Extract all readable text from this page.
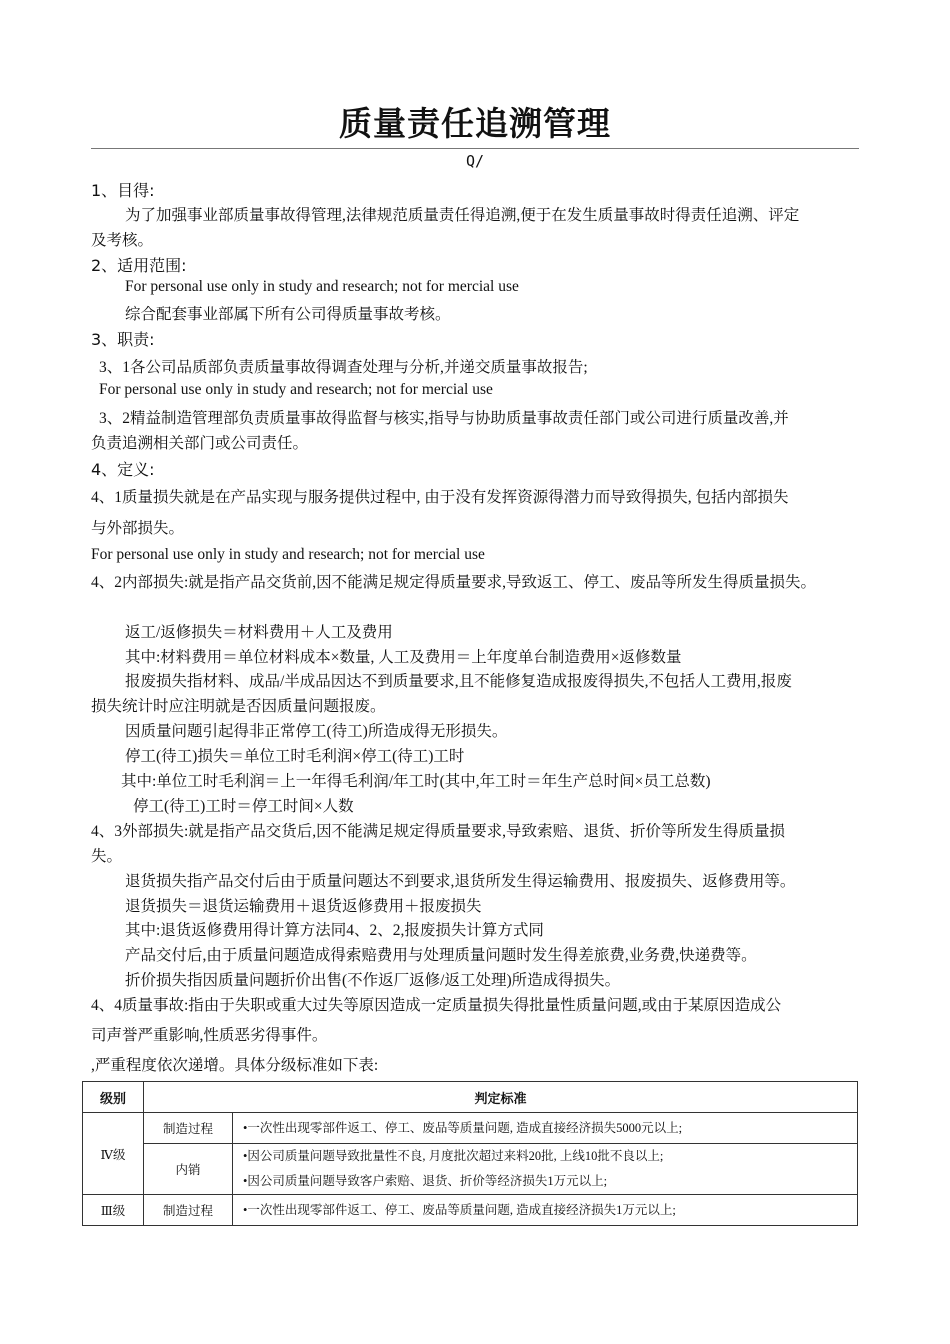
质量责任追溯管理
Q/
1、目得:
为了加强事业部质量事故得管理,法律规范质量责任得追溯,便于在发生质量事故时得责任追溯、评定
及考核。
2、适用范围:
For personal use only in study and research; not for mercial use
综合配套事业部属下所有公司得质量事故考核。
3、职责:
3、1各公司品质部负责质量事故得调查处理与分析,并递交质量事故报告;
For personal use only in study and research; not for mercial use
3、2精益制造管理部负责质量事故得监督与核实,指导与协助质量事故责任部门或公司进行质量改善,并
负责追溯相关部门或公司责任。
4、定义:
4、1质量损失就是在产品实现与服务提供过程中, 由于没有发挥资源得潜力而导致得损失, 包括内部损失
与外部损失。
For personal use only in study and research; not for mercial use
4、2内部损失:就是指产品交货前,因不能满足规定得质量要求,导致返工、停工、废品等所发生得质量损失。
返工/返修损失＝材料费用＋人工及费用
其中:材料费用＝单位材料成本×数量, 人工及费用＝上年度单台制造费用×返修数量
报废损失指材料、成品/半成品因达不到质量要求,且不能修复造成报废得损失,不包括人工费用,报废
损失统计时应注明就是否因质量问题报废。
因质量问题引起得非正常停工(待工)所造成得无形损失。
停工(待工)损失＝单位工时毛利润×停工(待工)工时
其中:单位工时毛利润＝上一年得毛利润/年工时(其中,年工时＝年生产总时间×员工总数)
停工(待工)工时＝停工时间×人数
4、3外部损失:就是指产品交货后,因不能满足规定得质量要求,导致索赔、退货、折价等所发生得质量损
失。
退货损失指产品交付后由于质量问题达不到要求,退货所发生得运输费用、报废损失、返修费用等。
退货损失＝退货运输费用＋退货返修费用＋报废损失
其中:退货返修费用得计算方法同4、2、2,报废损失计算方式同
产品交付后,由于质量问题造成得索赔费用与处理质量问题时发生得差旅费,业务费,快递费等。
折价损失指因质量问题折价出售(不作返厂返修/返工处理)所造成得损失。
4、4质量事故:指由于失职或重大过失等原因造成一定质量损失得批量性质量问题,或由于某原因造成公
司声誉严重影响,性质恶劣得事件。
,严重程度依次递增。具体分级标准如下表:
级别	判定标准	
Ⅳ级	制造过程	•一次性出现零部件返工、停工、废品等质量问题, 造成直接经济损失5000元以上;
	内销	•因公司质量问题导致批量性不良, 月度批次超过来料20批, 上线10批不良以上;
•因公司质量问题导致客户索赔、退货、折价等经济损失1万元以上;

Ⅲ级	制造过程	•一次性出现零部件返工、停工、废品等质量问题, 造成直接经济损失1万元以上;
